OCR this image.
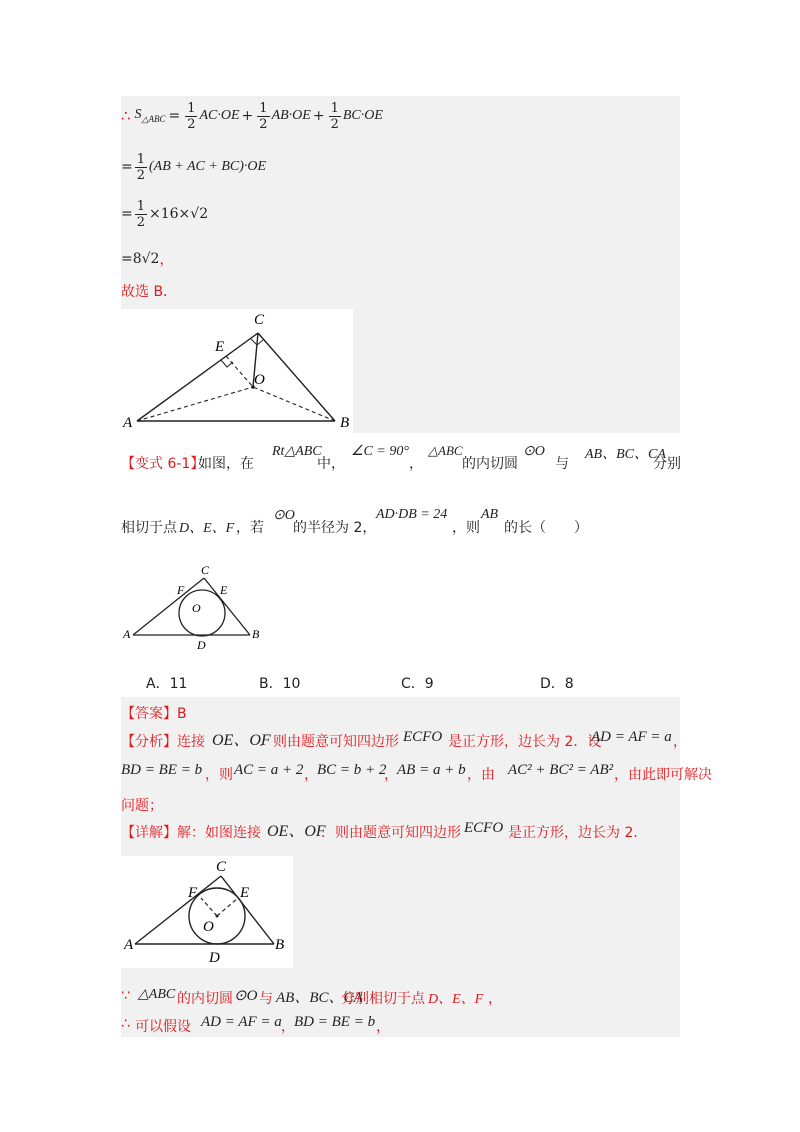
∴ $S_{\triangle ABC} = \frac{1}{2} AC\cdot OE + \frac{1}{2} AB\cdot OE + \frac{1}{2} BC\cdot OE$
= $\frac{1}{2} (AB$ + AC + BC)·OE
= $\frac{1}{2} \times 16\times√2$
=8√2 ，
故选 B．
C
E
O
A	B
【变式 6-1】
如图，在
Rt△ABC
中，
∠C = 90°
，
△ABC
的内切圆
⊙O
与
AB、BC、CA
分别
相切于点 D、E、F ，若
⊙O
的半径为 2，
AD·DB = 24
，则
AB
的长（　　）
C
F	E
O
A	B
D
A．11	B．10	C．9	D．8
【答案】B
【分析】 连接 OE、OF
．则由题意可知四边形 ECFO 是正方形，边长为 2．设
AD = AF = a ，
BD = BE = b ，则 AC = a + 2 ， BC = b + 2
， AB = a + b ，由 AC² + BC² = AB² ，由此即可解决
问题；
【详解】 解：如图连接 OE、OF
．则由题意可知四边形 ECFO 是正方形，边长为 2．
C
F	E
O
A	B
D
∵ △ABC 的内切圆 ⊙O 与 AB、BC、CA
分别相切于点 D、E、F ，
∴ 可以假设 AD = AF = a ， BD = BE = b ，
